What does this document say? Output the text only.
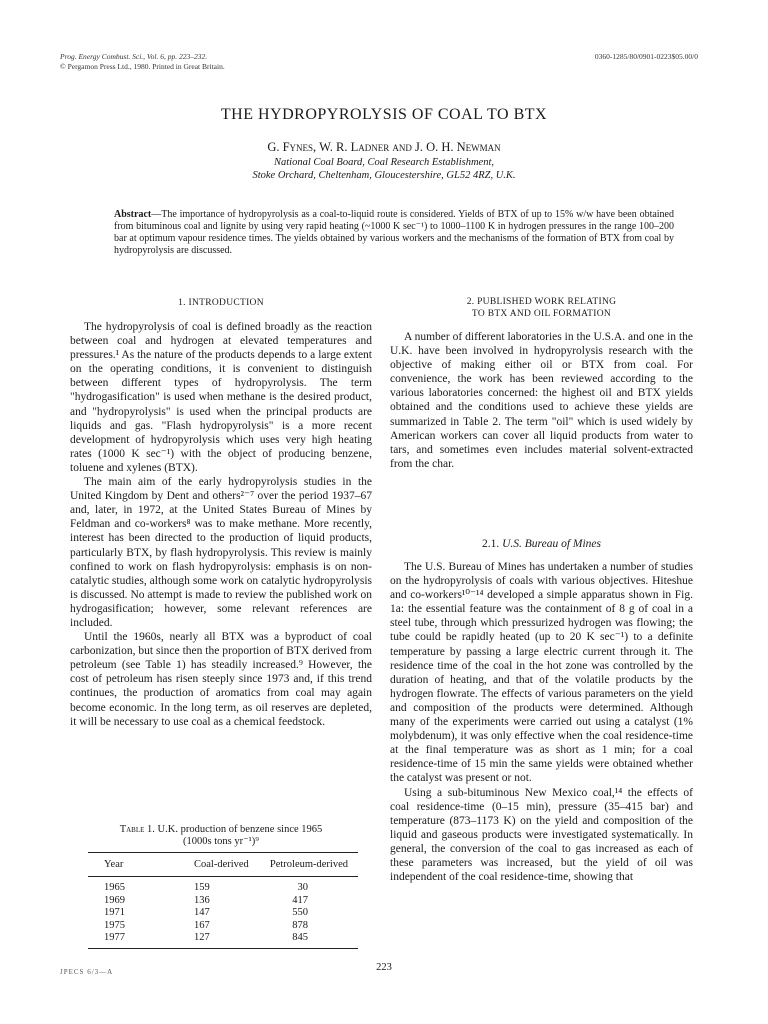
Prog. Energy Combust. Sci., Vol. 6, pp. 223–232.
© Pergamon Press Ltd., 1980. Printed in Great Britain.
0360-1285/80/0901-0223$05.00/0
THE HYDROPYROLYSIS OF COAL TO BTX
G. Fynes, W. R. Ladner and J. O. H. Newman
National Coal Board, Coal Research Establishment,
Stoke Orchard, Cheltenham, Gloucestershire, GL52 4RZ, U.K.
Abstract—The importance of hydropyrolysis as a coal-to-liquid route is considered. Yields of BTX of up to 15% w/w have been obtained from bituminous coal and lignite by using very rapid heating (~1000 K sec⁻¹) to 1000–1100 K in hydrogen pressures in the range 100–200 bar at optimum vapour residence times. The yields obtained by various workers and the mechanisms of the formation of BTX from coal by hydropyrolysis are discussed.
1. INTRODUCTION

The hydropyrolysis of coal is defined broadly as the reaction between coal and hydrogen at elevated temperatures and pressures.¹ As the nature of the products depends to a large extent on the operating conditions, it is convenient to distinguish between different types of hydropyrolysis. The term "hydrogasification" is used when methane is the desired product, and "hydropyrolysis" is used when the principal products are liquids and gas. "Flash hydropyrolysis" is a more recent development of hydropyrolysis which uses very high heating rates (1000 K sec⁻¹) with the object of producing benzene, toluene and xylenes (BTX).

The main aim of the early hydropyrolysis studies in the United Kingdom by Dent and others²⁻⁷ over the period 1937–67 and, later, in 1972, at the United States Bureau of Mines by Feldman and co-workers⁸ was to make methane. More recently, interest has been directed to the production of liquid products, particularly BTX, by flash hydropyrolysis. This review is mainly confined to work on flash hydropyrolysis: emphasis is on non-catalytic studies, although some work on catalytic hydropyrolysis is discussed. No attempt is made to review the published work on hydrogasification; however, some relevant references are included.

Until the 1960s, nearly all BTX was a byproduct of coal carbonization, but since then the proportion of BTX derived from petroleum (see Table 1) has steadily increased.⁹ However, the cost of petroleum has risen steeply since 1973 and, if this trend continues, the production of aromatics from coal may again become economic. In the long term, as oil reserves are depleted, it will be necessary to use coal as a chemical feedstock.

Table 1. U.K. production of benzene since 1965
(1000s tons yr⁻¹)⁹
Year	Coal-derived	Petroleum-derived
1965	159	30
1969	136	417
1971	147	550
1975	167	878
1977	127	845
2. PUBLISHED WORK RELATING
TO BTX AND OIL FORMATION

A number of different laboratories in the U.S.A. and one in the U.K. have been involved in hydropyrolysis research with the objective of making either oil or BTX from coal. For convenience, the work has been reviewed according to the various laboratories concerned: the highest oil and BTX yields obtained and the conditions used to achieve these yields are summarized in Table 2. The term "oil" which is used widely by American workers can cover all liquid products from water to tars, and sometimes even includes material solvent-extracted from the char.

2.1. U.S. Bureau of Mines

The U.S. Bureau of Mines has undertaken a number of studies on the hydropyrolysis of coals with various objectives. Hiteshue and co-workers¹⁰⁻¹⁴ developed a simple apparatus shown in Fig. 1a: the essential feature was the containment of 8 g of coal in a steel tube, through which pressurized hydrogen was flowing; the tube could be rapidly heated (up to 20 K sec⁻¹) to a definite temperature by passing a large electric current through it. The residence time of the coal in the hot zone was controlled by the duration of heating, and that of the volatile products by the hydrogen flowrate. The effects of various parameters on the yield and composition of the products were determined. Although many of the experiments were carried out using a catalyst (1% molybdenum), it was only effective when the coal residence-time at the final temperature was as short as 1 min; for a coal residence-time of 15 min the same yields were obtained whether the catalyst was present or not.

Using a sub-bituminous New Mexico coal,¹⁴ the effects of coal residence-time (0–15 min), pressure (35–415 bar) and temperature (873–1173 K) on the yield and composition of the liquid and gaseous products were investigated systematically. In general, the conversion of the coal to gas increased as each of these parameters was increased, but the yield of oil was independent of the coal residence-time, showing that

JPECS 6/3—A	223
